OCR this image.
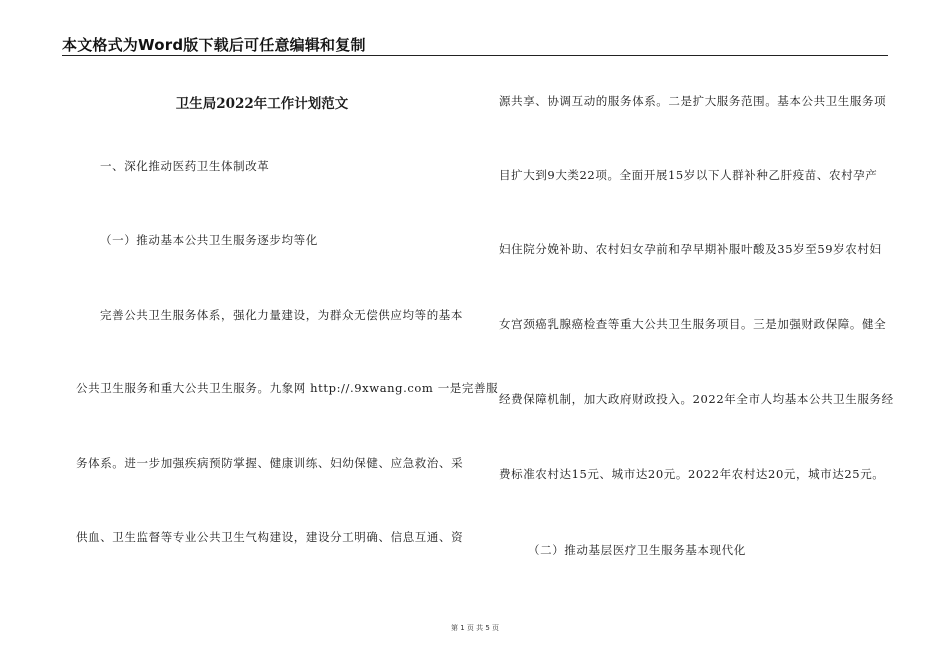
本文格式为Word版下载后可任意编辑和复制
卫生局2022年工作计划范文
一、深化推动医药卫生体制改革
（一）推动基本公共卫生服务逐步均等化
完善公共卫生服务体系，强化力量建设，为群众无偿供应均等的基本
公共卫生服务和重大公共卫生服务。九象网 http://.9xwang.com 一是完善服
务体系。进一步加强疾病预防掌握、健康训练、妇幼保健、应急救治、采
供血、卫生监督等专业公共卫生气构建设，建设分工明确、信息互通、资
源共享、协调互动的服务体系。二是扩大服务范围。基本公共卫生服务项
目扩大到9大类22项。全面开展15岁以下人群补种乙肝疫苗、农村孕产
妇住院分娩补助、农村妇女孕前和孕早期补服叶酸及35岁至59岁农村妇
女宫颈癌乳腺癌检查等重大公共卫生服务项目。三是加强财政保障。健全
经费保障机制，加大政府财政投入。2022年全市人均基本公共卫生服务经
费标准农村达15元、城市达20元。2022年农村达20元，城市达25元。
（二）推动基层医疗卫生服务基本现代化
第 1 页 共 5 页
